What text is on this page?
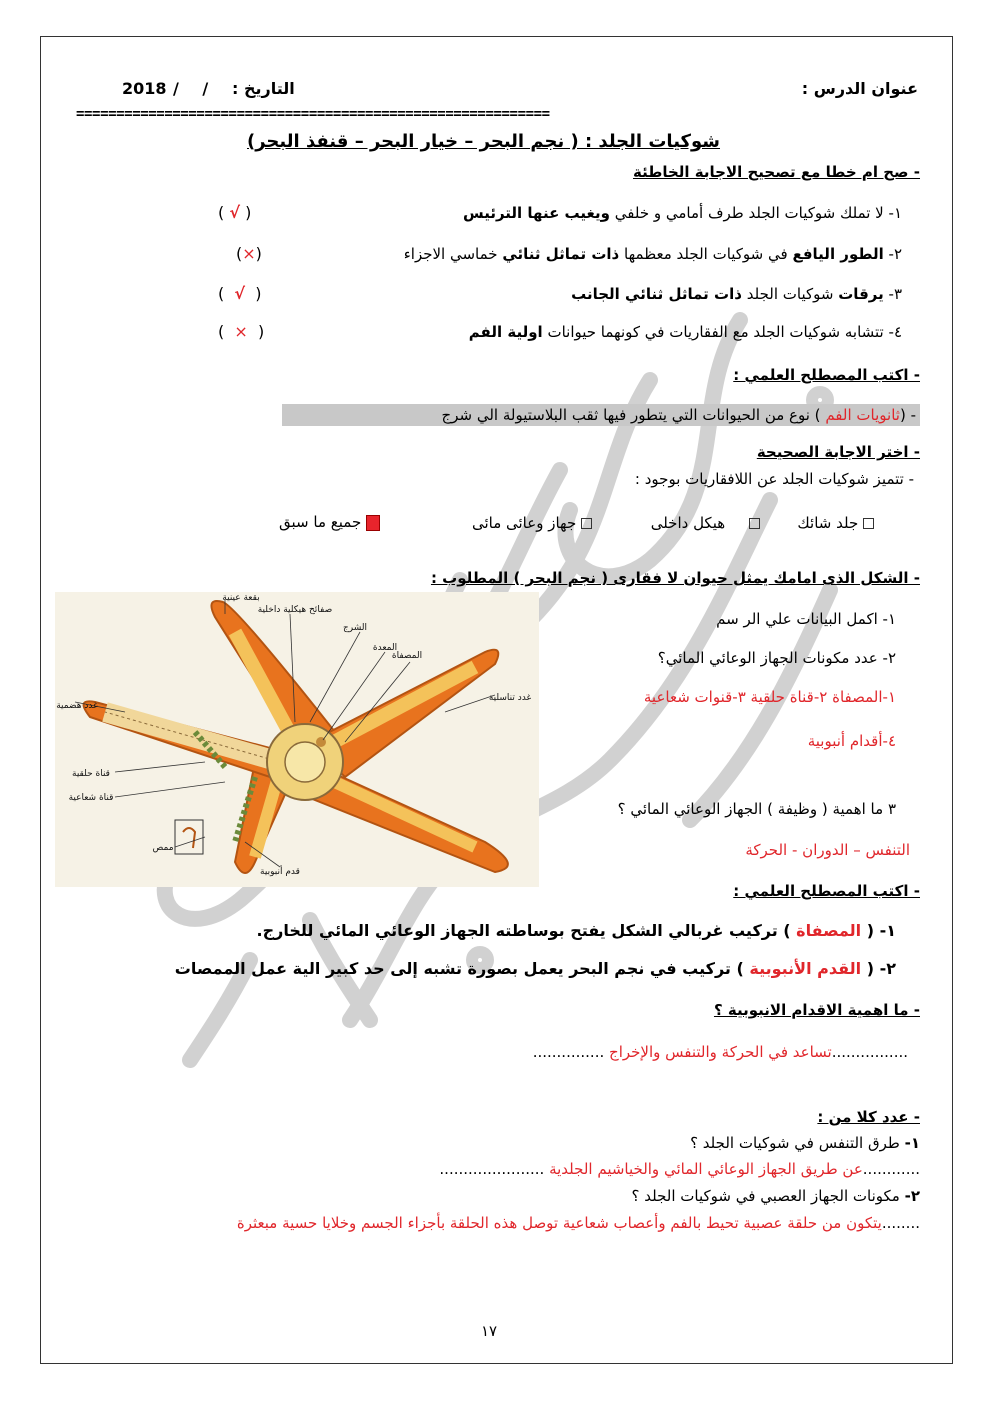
عنوان الدرس :
التاريخ :
/ /
2018
===========================================================
شوكيات الجلد : ( نجم البحر – خيار البحر – قنفذ البحر)
- صح ام خطا مع تصحيح الاجابة الخاطئة
١- لا تملك شوكيات الجلد طرف أمامي و خلفي ويغيب عنها الترئيس
( √ )
٢- الطور اليافع في شوكيات الجلد معظمها ذات تماثل ثنائي خماسي الاجزاء
(×)
٣- يرقات شوكيات الجلد ذات تماثل ثنائي الجانب
(  √  )
٤- تتشابه شوكيات الجلد مع الفقاريات في كونهما حيوانات اولية الفم
(  ×  )
- اكتب المصطلح العلمي :
- (ثانويات الفم ) نوع من الحيوانات التي يتطور فيها ثقب البلاستيولة الي شرج
- اختر الاجابة الصحيحة
- تتميز شوكيات الجلد عن اللافقاريات بوجود :
جلد شائك
هيكل داخلى
جهاز وعائى مائى
جميع ما سبق
- الشكل الذى امامك يمثل حيوان لا فقارى ( نجم البحر ) المطلوب :
بقعة عينية
صفائح هيكلية داخلية
الشرج
المصفاة
المعدة
غدد تناسلية
غدد هضمية
قناة حلقية
قناة شعاعية
ممص
قدم أنبوبية
١- اكمل البيانات علي الر سم
٢- عدد مكونات الجهاز الوعائي المائي؟
١-المصفاة ٢-قناة حلقية ٣-قنوات شعاعية
٤-أقدام أنبوبية
٣ ما اهمية ( وظيفة ) الجهاز الوعائي المائي ؟
التنفس – الدوران - الحركة
- اكتب المصطلح العلمي :
١- ( المصفاة ) تركيب غربالي الشكل يفتح بوساطته الجهاز الوعائي المائي للخارج.
٢- ( القدم الأنبوبية ) تركيب في نجم البحر يعمل بصورة تشبه إلى حد كبير الية عمل الممصات
- ما اهمية الاقدام الانبوبية ؟
................تساعد في الحركة والتنفس والإخراج ...............
- عدد كلا من :
١- طرق التنفس في شوكيات الجلد ؟
............عن طريق الجهاز الوعائي المائي والخياشيم الجلدية ......................
٢- مكونات الجهاز العصبي في شوكيات الجلد ؟
........يتكون من حلقة عصبية تحيط بالفم وأعصاب شعاعية توصل هذه الحلقة بأجزاء الجسم وخلايا حسية مبعثرة
١٧
